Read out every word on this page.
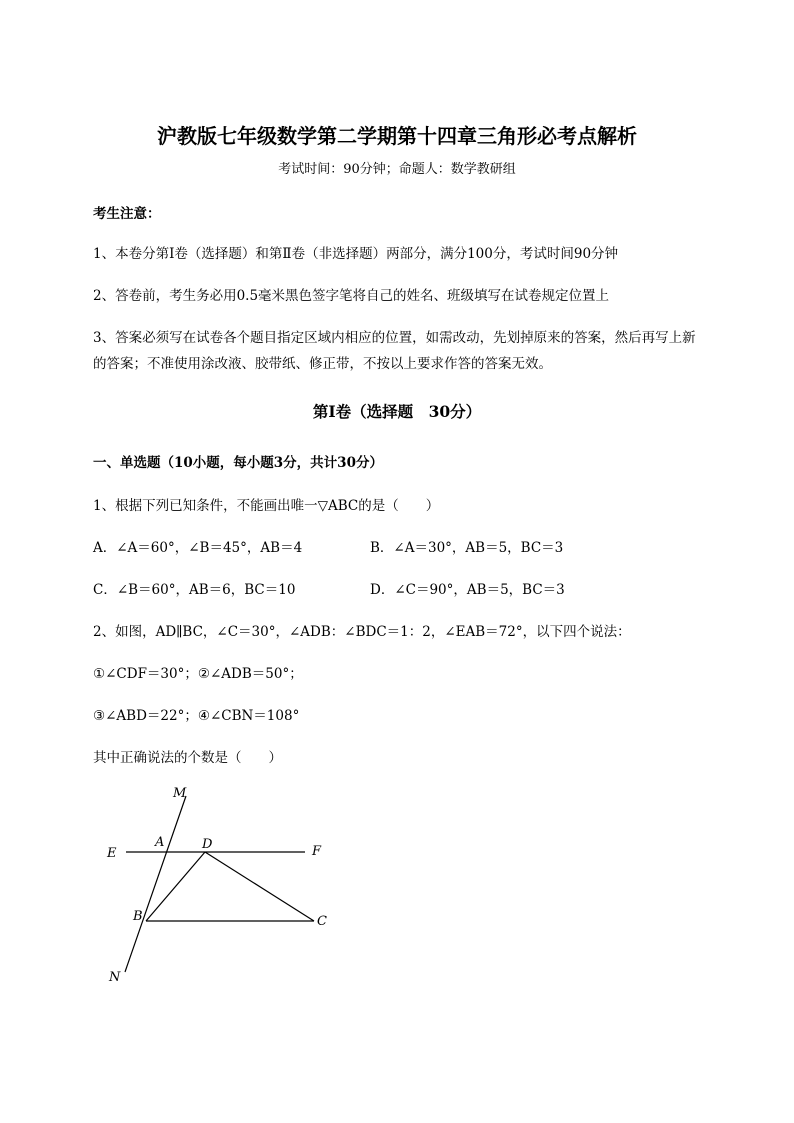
沪教版七年级数学第二学期第十四章三角形必考点解析
考试时间：90分钟；命题人：数学教研组
考生注意：
1、本卷分第I卷（选择题）和第Ⅱ卷（非选择题）两部分，满分100分，考试时间90分钟
2、答卷前，考生务必用0.5毫米黑色签字笔将自己的姓名、班级填写在试卷规定位置上
3、答案必须写在试卷各个题目指定区域内相应的位置，如需改动，先划掉原来的答案，然后再写上新
的答案；不准使用涂改液、胶带纸、修正带，不按以上要求作答的答案无效。
第I卷（选择题　30分）
一、单选题（10小题，每小题3分，共计30分）
1、根据下列已知条件，不能画出唯一▽ABC的是（　　）
A．∠A＝60°，∠B＝45°，AB＝4	B．∠A＝30°，AB＝5，BC＝3
C．∠B＝60°，AB＝6，BC＝10	D．∠C＝90°，AB＝5，BC＝3
2、如图，AD∥BC，∠C＝30°，∠ADB：∠BDC＝1：2，∠EAB＝72°，以下四个说法：
①∠CDF＝30°；②∠ADB＝50°；
③∠ABD＝22°；④∠CBN＝108°
其中正确说法的个数是（　　）
M
E
A	D	F
B	C
N
